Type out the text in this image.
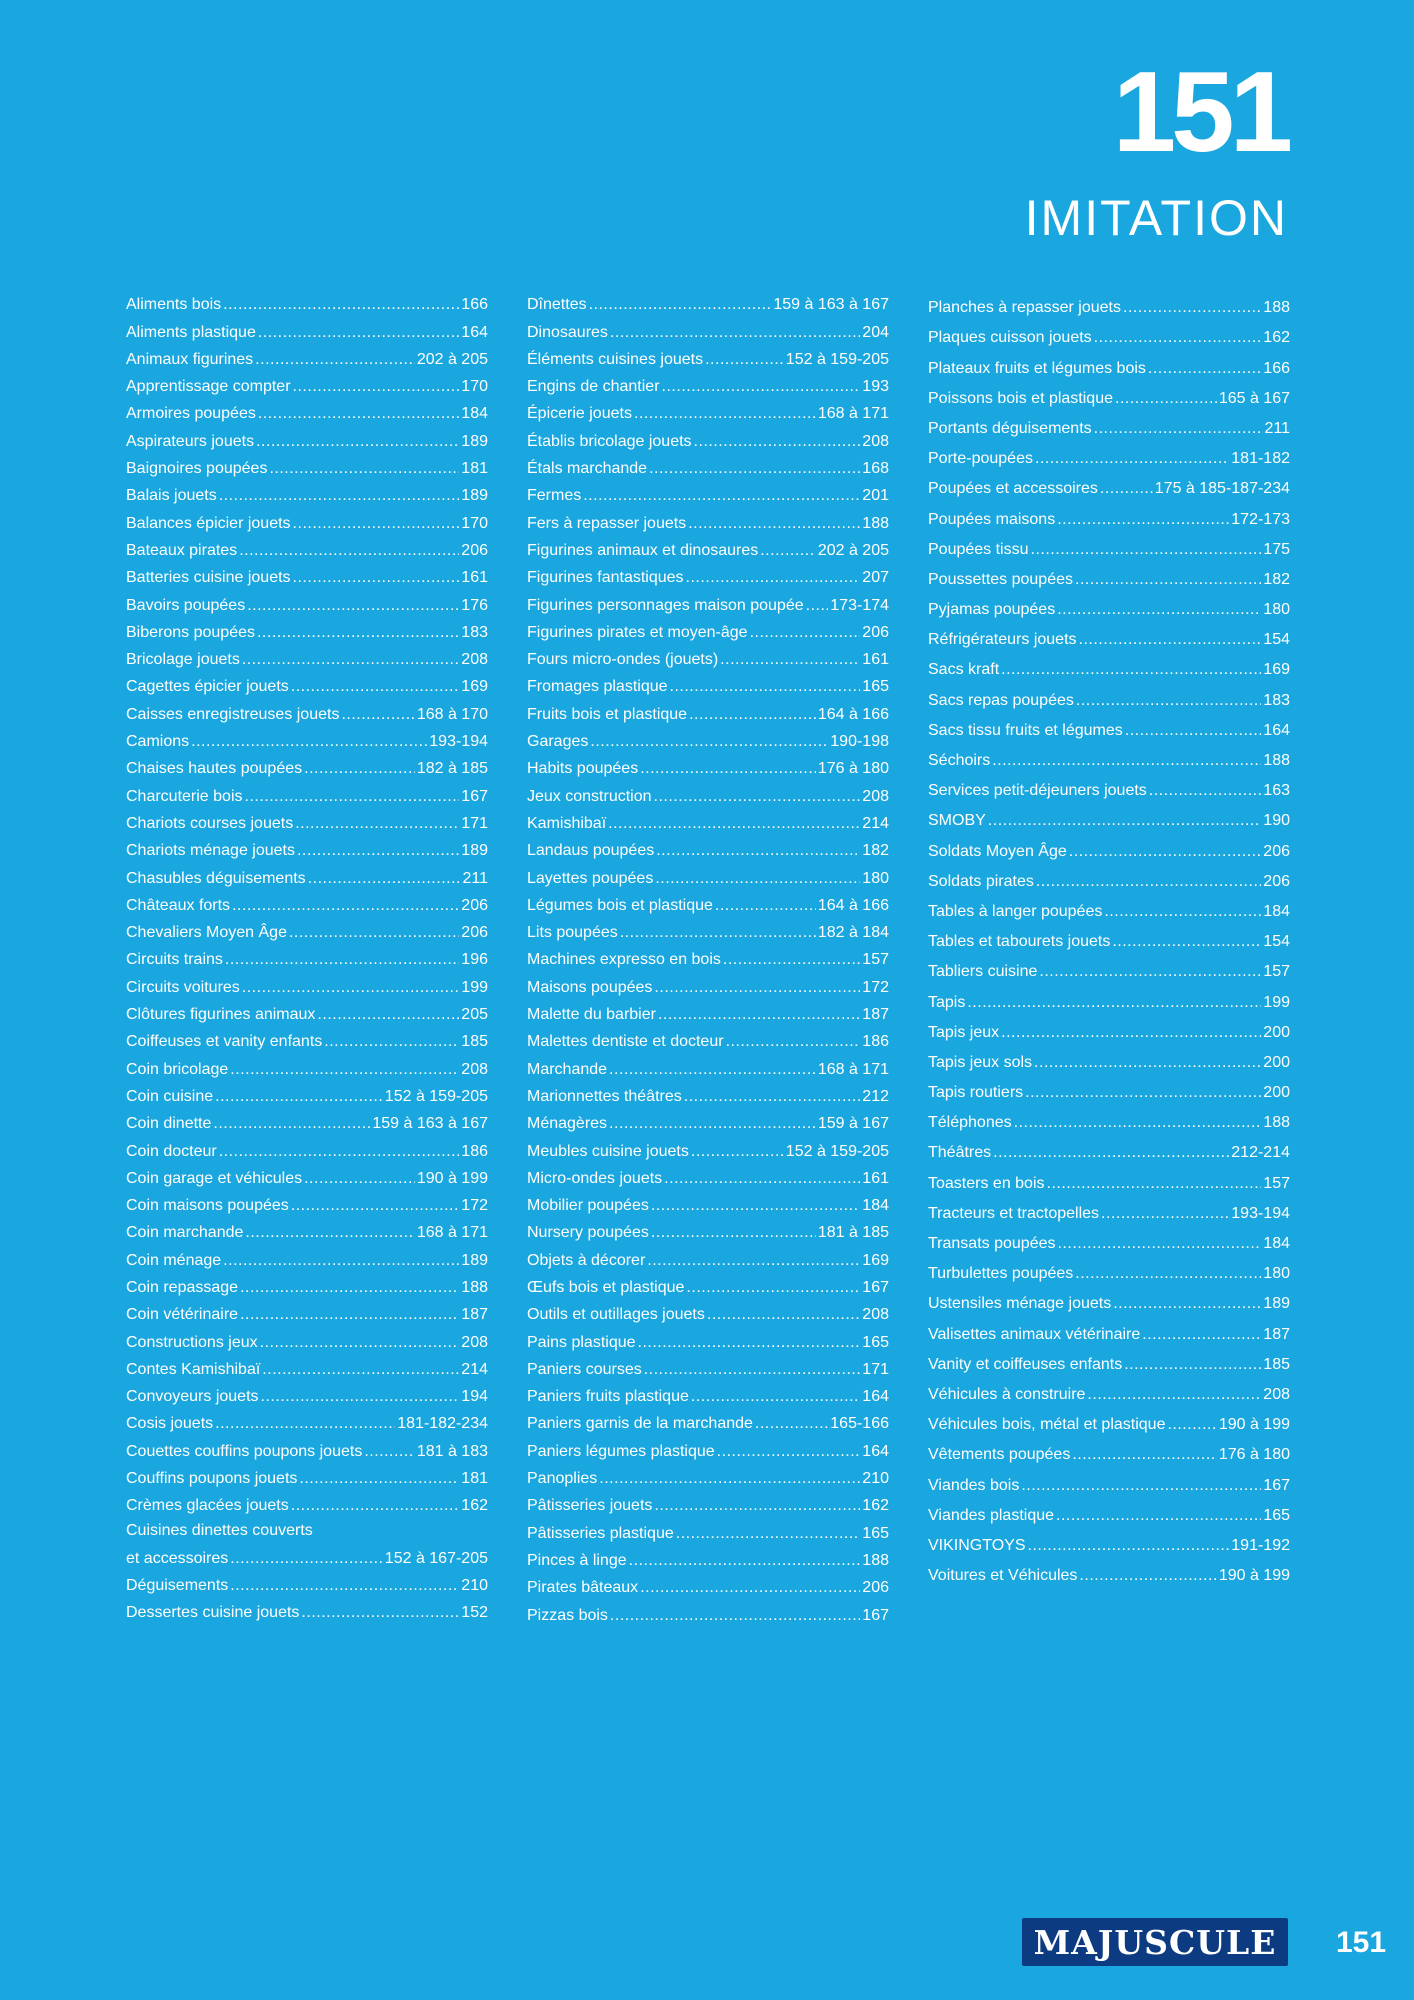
151
IMITATION
Aliments bois .....	166
Aliments plastique .....	164
Animaux figurines .....	202 à 205
Apprentissage compter .....	170
Armoires poupées .....	184
Aspirateurs jouets .....	189
Baignoires poupées .....	181
Balais jouets .....	189
Balances épicier jouets .....	170
Bateaux pirates .....	206
Batteries cuisine jouets .....	161
Bavoirs poupées .....	176
Biberons poupées .....	183
Bricolage jouets .....	208
Cagettes épicier jouets .....	169
Caisses enregistreuses jouets .....	168 à 170
Camions .....	193-194
Chaises hautes poupées .....	182 à 185
Charcuterie bois .....	167
Chariots courses jouets .....	171
Chariots ménage jouets .....	189
Chasubles déguisements .....	211
Châteaux forts .....	206
Chevaliers Moyen Âge .....	206
Circuits trains .....	196
Circuits voitures .....	199
Clôtures figurines animaux .....	205
Coiffeuses et vanity enfants .....	185
Coin bricolage .....	208
Coin cuisine .....	152 à 159-205
Coin dinette .....	159 à 163 à 167
Coin docteur .....	186
Coin garage et véhicules .....	190 à 199
Coin maisons poupées .....	172
Coin marchande .....	168 à 171
Coin ménage .....	189
Coin repassage .....	188
Coin vétérinaire .....	187
Constructions jeux .....	208
Contes Kamishibaï .....	214
Convoyeurs jouets .....	194
Cosis jouets .....	181-182-234
Couettes couffins poupons jouets .....	181 à 183
Couffins poupons jouets .....	181
Crèmes glacées jouets .....	162
Cuisines dinettes couverts
et accessoires .....	152 à 167-205
Déguisements .....	210
Dessertes cuisine jouets .....	152
Dînettes .....	159 à 163 à 167
Dinosaures .....	204
Éléments cuisines jouets .....	152 à 159-205
Engins de chantier .....	193
Épicerie jouets .....	168 à 171
Établis bricolage jouets .....	208
Étals marchande .....	168
Fermes .....	201
Fers à repasser jouets .....	188
Figurines animaux et dinosaures .....	202 à 205
Figurines fantastiques .....	207
Figurines personnages maison poupée ..... 173-174
Figurines pirates et moyen-âge .....	206
Fours micro-ondes (jouets) .....	161
Fromages plastique .....	165
Fruits bois et plastique .....	164 à 166
Garages .....	190-198
Habits poupées .....	176 à 180
Jeux construction .....	208
Kamishibaï .....	214
Landaus poupées .....	182
Layettes poupées .....	180
Légumes bois et plastique .....	164 à 166
Lits poupées .....	182 à 184
Machines expresso en bois .....	157
Maisons poupées .....	172
Malette du barbier .....	187
Malettes dentiste et docteur .....	186
Marchande .....	168 à 171
Marionnettes théâtres .....	212
Ménagères .....	159 à 167
Meubles cuisine jouets .....	152 à 159-205
Micro-ondes jouets .....	161
Mobilier poupées .....	184
Nursery poupées .....	181 à 185
Objets à décorer .....	169
Œufs bois et plastique .....	167
Outils et outillages jouets .....	208
Pains plastique .....	165
Paniers courses .....	171
Paniers fruits plastique .....	164
Paniers garnis de la marchande .....	165-166
Paniers légumes plastique .....	164
Panoplies .....	210
Pâtisseries jouets .....	162
Pâtisseries plastique .....	165
Pinces à linge .....	188
Pirates bâteaux .....	206
Pizzas bois .....	167
Planches à repasser jouets .....	188
Plaques cuisson jouets .....	162
Plateaux fruits et légumes bois .....	166
Poissons bois et plastique .....	165 à 167
Portants déguisements .....	211
Porte-poupées .....	181-182
Poupées et accessoires .....	175 à 185-187-234
Poupées maisons .....	172-173
Poupées tissu .....	175
Poussettes poupées .....	182
Pyjamas poupées .....	180
Réfrigérateurs jouets .....	154
Sacs kraft .....	169
Sacs repas poupées .....	183
Sacs tissu fruits et légumes .....	164
Séchoirs .....	188
Services petit-déjeuners jouets .....	163
SMOBY .....	190
Soldats Moyen Âge .....	206
Soldats pirates .....	206
Tables à langer poupées .....	184
Tables et tabourets jouets .....	154
Tabliers cuisine .....	157
Tapis .....	199
Tapis jeux .....	200
Tapis jeux sols .....	200
Tapis routiers .....	200
Téléphones .....	188
Théâtres .....	212-214
Toasters en bois .....	157
Tracteurs et tractopelles .....	193-194
Transats poupées .....	184
Turbulettes poupées .....	180
Ustensiles ménage jouets .....	189
Valisettes animaux vétérinaire .....	187
Vanity et coiffeuses enfants .....	185
Véhicules à construire .....	208
Véhicules bois, métal et plastique .....	190 à 199
Vêtements poupées .....	176 à 180
Viandes bois .....	167
Viandes plastique .....	165
VIKINGTOYS .....	191-192
Voitures et Véhicules .....	190 à 199
MAJUSCULE	151
